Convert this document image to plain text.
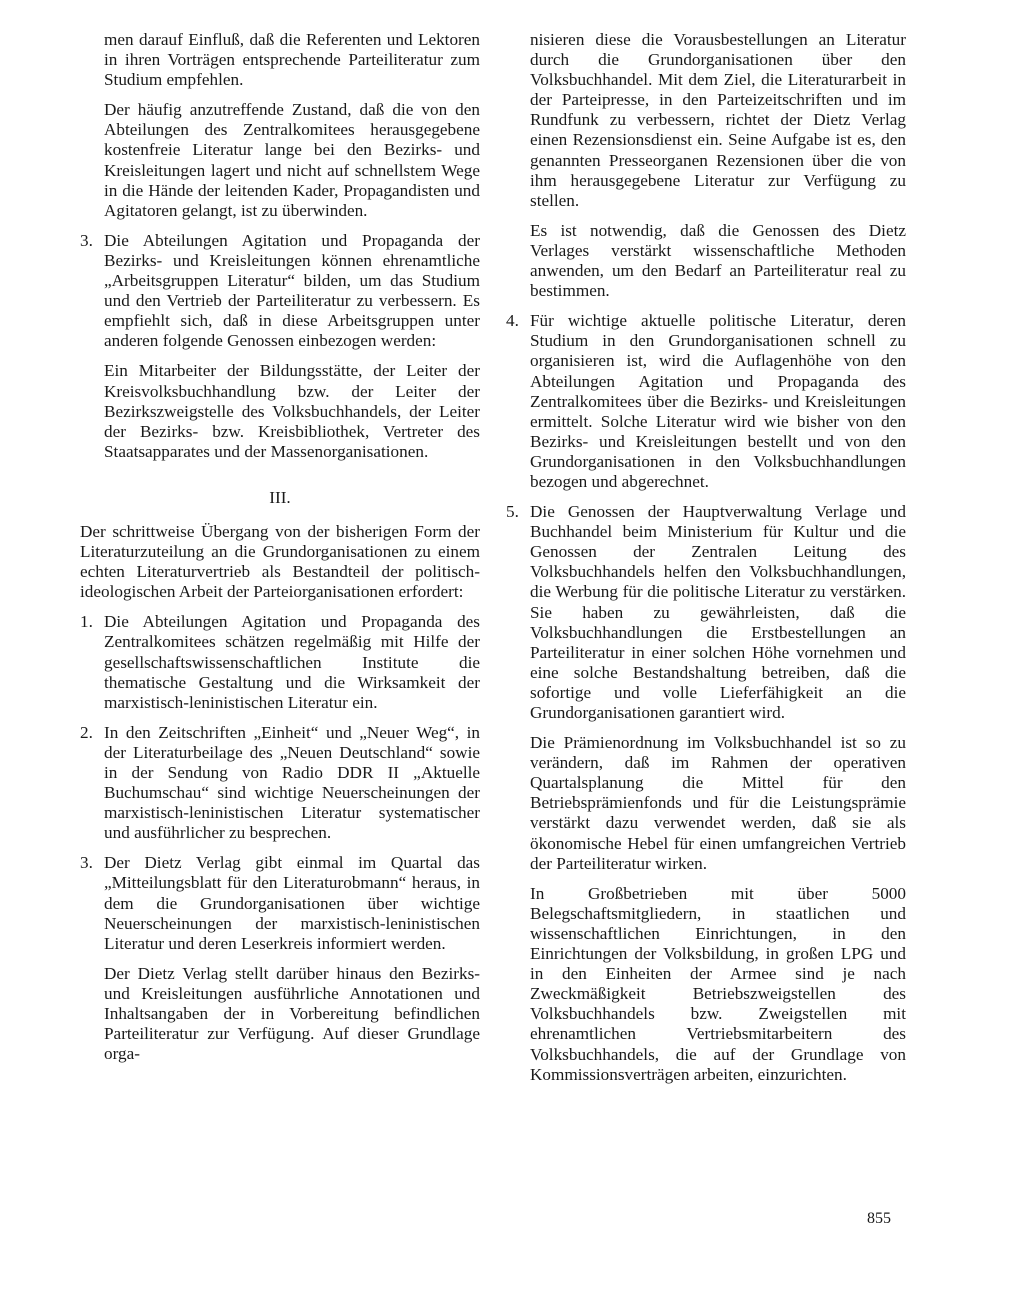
men darauf Einfluß, daß die Referenten und Lektoren in ihren Vorträgen entsprechende Parteiliteratur zum Studium empfehlen.

Der häufig anzutreffende Zustand, daß die von den Abteilungen des Zentralkomitees herausgegebene kostenfreie Literatur lange bei den Bezirks- und Kreisleitungen lagert und nicht auf schnellstem Wege in die Hände der leitenden Kader, Propagandisten und Agitatoren gelangt, ist zu überwinden.

3. Die Abteilungen Agitation und Propaganda der Bezirks- und Kreisleitungen können ehrenamtliche „Arbeitsgruppen Literatur“ bilden, um das Studium und den Vertrieb der Parteiliteratur zu verbessern. Es empfiehlt sich, daß in diese Arbeitsgruppen unter anderen folgende Genossen einbezogen werden:

Ein Mitarbeiter der Bildungsstätte, der Leiter der Kreisvolksbuchhandlung bzw. der Leiter der Bezirkszweigstelle des Volksbuchhandels, der Leiter der Bezirks- bzw. Kreisbibliothek, Vertreter des Staatsapparates und der Massenorganisationen.

III.

Der schrittweise Übergang von der bisherigen Form der Literaturzuteilung an die Grundorganisationen zu einem echten Literaturvertrieb als Bestandteil der politisch-ideologischen Arbeit der Parteiorganisationen erfordert:

1. Die Abteilungen Agitation und Propaganda des Zentralkomitees schätzen regelmäßig mit Hilfe der gesellschaftswissenschaftlichen Institute die thematische Gestaltung und die Wirksamkeit der marxistisch-leninistischen Literatur ein.

2. In den Zeitschriften „Einheit“ und „Neuer Weg“, in der Literaturbeilage des „Neuen Deutschland“ sowie in der Sendung von Radio DDR II „Aktuelle Buchumschau“ sind wichtige Neuerscheinungen der marxistisch-leninistischen Literatur systematischer und ausführlicher zu besprechen.

3. Der Dietz Verlag gibt einmal im Quartal das „Mitteilungsblatt für den Literaturobmann“ heraus, in dem die Grundorganisationen über wichtige Neuerscheinungen der marxistisch-leninistischen Literatur und deren Leserkreis informiert werden.

Der Dietz Verlag stellt darüber hinaus den Bezirks- und Kreisleitungen ausführliche Annotationen und Inhaltsangaben der in Vorbereitung befindlichen Parteiliteratur zur Verfügung. Auf dieser Grundlage orga-

nisieren diese die Vorausbestellungen an Literatur durch die Grundorganisationen über den Volksbuchhandel. Mit dem Ziel, die Literaturarbeit in der Parteipresse, in den Parteizeitschriften und im Rundfunk zu verbessern, richtet der Dietz Verlag einen Rezensionsdienst ein. Seine Aufgabe ist es, den genannten Presseorganen Rezensionen über die von ihm herausgegebene Literatur zur Verfügung zu stellen.

Es ist notwendig, daß die Genossen des Dietz Verlages verstärkt wissenschaftliche Methoden anwenden, um den Bedarf an Parteiliteratur real zu bestimmen.

4. Für wichtige aktuelle politische Literatur, deren Studium in den Grundorganisationen schnell zu organisieren ist, wird die Auflagenhöhe von den Abteilungen Agitation und Propaganda des Zentralkomitees über die Bezirks- und Kreisleitungen ermittelt. Solche Literatur wird wie bisher von den Bezirks- und Kreisleitungen bestellt und von den Grundorganisationen in den Volksbuchhandlungen bezogen und abgerechnet.

5. Die Genossen der Hauptverwaltung Verlage und Buchhandel beim Ministerium für Kultur und die Genossen der Zentralen Leitung des Volksbuchhandels helfen den Volksbuchhandlungen, die Werbung für die politische Literatur zu verstärken. Sie haben zu gewährleisten, daß die Volksbuchhandlungen die Erstbestellungen an Parteiliteratur in einer solchen Höhe vornehmen und eine solche Bestandshaltung betreiben, daß die sofortige und volle Lieferfähigkeit an die Grundorganisationen garantiert wird.

Die Prämienordnung im Volksbuchhandel ist so zu verändern, daß im Rahmen der operativen Quartalsplanung die Mittel für den Betriebsprämienfonds und für die Leistungsprämie verstärkt dazu verwendet werden, daß sie als ökonomische Hebel für einen umfangreichen Vertrieb der Parteiliteratur wirken.

In Großbetrieben mit über 5000 Belegschaftsmitgliedern, in staatlichen und wissenschaftlichen Einrichtungen, in den Einrichtungen der Volksbildung, in großen LPG und in den Einheiten der Armee sind je nach Zweckmäßigkeit Betriebszweigstellen des Volksbuchhandels bzw. Zweigstellen mit ehrenamtlichen Vertriebsmitarbeitern des Volksbuchhandels, die auf der Grundlage von Kommissionsverträgen arbeiten, einzurichten.

855
